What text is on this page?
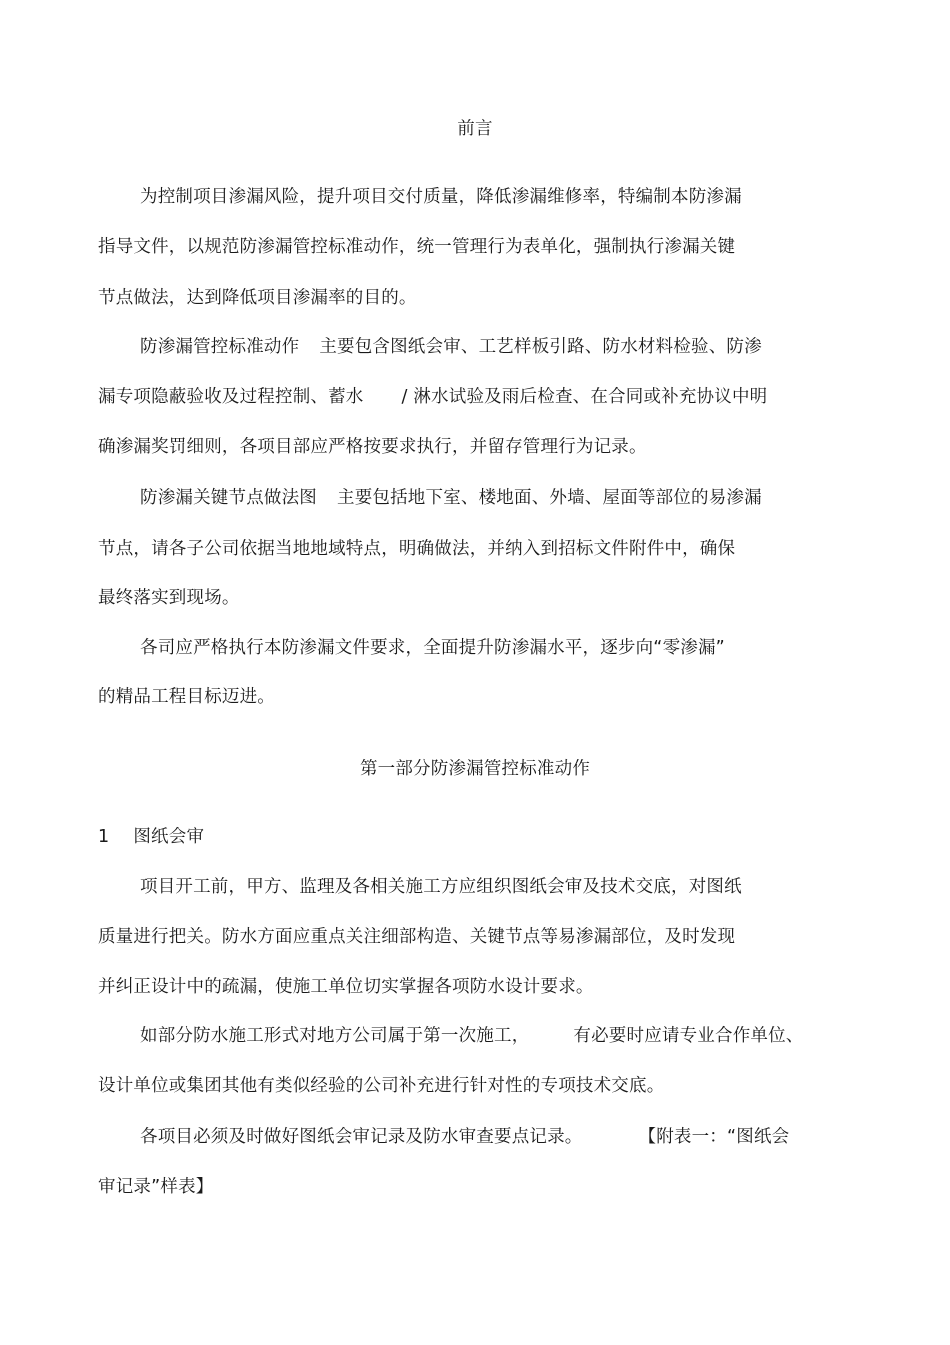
前言
为控制项目渗漏风险，提升项目交付质量，降低渗漏维修率，特编制本防渗漏
指导文件，以规范防渗漏管控标准动作，统一管理行为表单化，强制执行渗漏关键
节点做法，达到降低项目渗漏率的目的。
防渗漏管控标准动作 主要包含图纸会审、工艺样板引路、防水材料检验、防渗
漏专项隐蔽验收及过程控制、蓄水 / 淋水试验及雨后检查、在合同或补充协议中明
确渗漏奖罚细则，各项目部应严格按要求执行，并留存管理行为记录。
防渗漏关键节点做法图 主要包括地下室、楼地面、外墙、屋面等部位的易渗漏
节点，请各子公司依据当地地域特点，明确做法，并纳入到招标文件附件中，确保
最终落实到现场。
各司应严格执行本防渗漏文件要求，全面提升防渗漏水平，逐步向“零渗漏”
的精品工程目标迈进。
第一部分防渗漏管控标准动作
1 图纸会审
项目开工前，甲方、监理及各相关施工方应组织图纸会审及技术交底，对图纸
质量进行把关。防水方面应重点关注细部构造、关键节点等易渗漏部位，及时发现
并纠正设计中的疏漏，使施工单位切实掌握各项防水设计要求。
如部分防水施工形式对地方公司属于第一次施工，	有必要时应请专业合作单位、
设计单位或集团其他有类似经验的公司补充进行针对性的专项技术交底。
各项目必须及时做好图纸会审记录及防水审查要点记录。	【附表一：“图纸会
审记录”样表】
